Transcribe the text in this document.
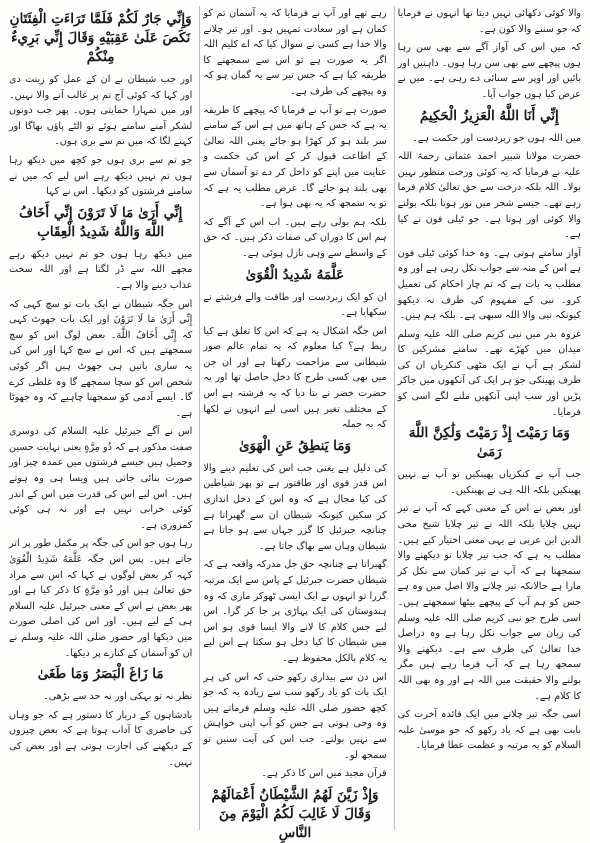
والا کوئی دکھائی نہیں دیتا تھا انہوں نے فرمایا کہ جو سننے والا کون ہے۔

کہ میں اس کی آواز آگے سے بھی سن رہا ہوں پیچھے سے بھی سن رہا ہوں۔ داہنیں اور بائیں اور اوپر سے سنائی دے رہی ہے۔ میں نے عرض کیا ہوں جواب آیا۔

إِنِّي أَنَا اللَّهُ الْعَزِيزُ الْحَكِيمُ

میں اللہ ہوں جو زبردست اور حکمت ہے۔

حضرت مولانا شبیر احمد عثمانی رحمۃ اللہ علیہ نے فرمایا کہ یہ کوئی ورخت منظور نہیں بولا۔ اللہ بلکہ درخت سے حق تعالیٰ کلام فرما رہے تھے۔ جیسے شجر میں نور ہوتا بلکہ بولنے والا کوئی اور ہوتا ہے۔ جو ٹیلی فون نے کیا ہے۔

آواز سامنے ہوتی ہے۔ وہ خدا کوئی ٹیلی فون ہے اس کے منہ سے جواب نکل رہی ہے اور وہ مطلب یہ بات ہے کہ تم چار احکام کی تعمیل کرو۔ نبی کے مفہوم کی طرف نہ دیکھو کیونکہ نبی والا اللہ سبھی ہے۔ بلکہ ہم ہیں۔

غزوہ بدر میں نبی کریم صلی اللہ علیہ وسلم میدان میں کھڑے تھے۔ سامنے مشرکین کا لشکر ہے آپ نے ایک مٹھی کنکریاں ان کی طرف پھینکی جو ہر ایک کی آنکھوں میں جاکر پڑیں اور سب اپنی آنکھیں ملنے لگے اسی کو فرمایا۔

وَمَا رَمَيْتَ إِذْ رَمَيْتَ وَلَٰكِنَّ اللَّهَ رَمَىٰ

جب آپ نے کنکریاں پھینکیں تو آپ نے نہیں پھینکیں بلکہ اللہ ہی نے پھینکیں۔

اور بعض نے اس کے معنی کہے کہ آپ نے تیر نہیں چلایا بلکہ اللہ نے تیر چلایا شیخ محی الدین ابن عربی نے یہی معنی اختیار کیے ہیں۔ مطلب یہ ہے کہ جب تیر چلایا تو دیکھنے والا سمجھتا ہے کہ آپ نے تیر کمان سے نکل کر مارا ہے حالانکہ تیر چلانے والا اصل میں وہ ہے جس کو ہم آپ کے پیچھے بیٹھا سمجھتے ہیں۔ اسی طرح جو نبی کریم صلی اللہ علیہ وسلم کی زبان سے جواب نکل رہا ہے وہ دراصل خدا تعالیٰ کی طرف سے ہے۔ دیکھنے والا سمجھ رہا ہے کہ آپ فرما رہے ہیں مگر بولنے والا حقیقت میں اللہ ہے اور وہ بھی اللہ کا کلام ہے۔

اسی جگہ تیر چلانے میں ایک فائدہ آخرت کی بابت بھی ہے کہ یاد رکھو کہ جو موسیٰ علیہ السلام کو یہ مرتبہ و عظمت عطا فرمایا۔

رہے تھے اور آپ نے فرمایا کہ یہ آسمان تم کو کمان ہے اور سعادت تمہیں ہو۔ اور تیر چلانے والا خدا ہے کسی نے سوال کیا کہ اے کلیم اللہ اگر یہ صورت ہے تو اس سے سمجھنے کا طریقہ کیا ہے کہ جس تیر سے یہ گمان ہو کہ وہ پیچھے کی طرف ہے۔

صورت ہے تو آپ نے فرمایا کہ پیچھے کا طریقہ یہ ہے کہ جس کے ہاتھ میں ہے اس کے سامنے سر بلند ہو کر کھڑا ہو جائے یعنی اللہ تعالیٰ کے اطاعت قبول کر کے اس کی حکمت و عنایت میں اپنے کو داخل کر دے تو آسمان سے بھی بلند ہو جائے گا۔ غرض مطلب یہ ہے کہ تو یہ سمجھ کہ یہ بھی ہوا ہے۔

بلکہ ہم بولی رہے ہیں۔ اب اس کے آگے کہ ہم اس کا دوران کی صفات ذکر ہیں۔ کہ حق کے واسطے سے وہی نازل ہوئی ہے۔

عَلَّمَهُ شَدِيدُ الْقُوَىٰ

ان کو ایک زبردست اور طاقت والے فرشتے نے سکھایا ہے۔

اس جگہ اشکال یہ ہے کہ اس کا تعلق ہے کیا ربط ہے؟ کیا معلوم کہ یہ تمام عالم صور شیطانی سے مزاحمت رکھتا ہے اور ان جن میں بھی کسی طرح کا دخل حاصل تھا اور یہ حضرت خضر نے بتا دیا کہ یہ فرشتہ ہے اس کے مختلف تغیر ہیں اسی لیے انہوں نے لکھا کہ یہ جملہ

وَمَا يَنطِقُ عَنِ الْهَوَىٰ

کی دلیل ہے یعنی جب اس کی تعلیم دینے والا اس قدر قوی اور طاقتور ہے تو پھر شیاطین کی کیا مجال ہے کہ وہ اس کے دخل اندازی کر سکیں کیونکہ شیطان ان سے گھبراتا ہے چنانچہ جبرئیل کا گزر جہاں سے ہو جاتا ہے شیطان وہاں سے بھاگ جاتا ہے۔

گھبراتا ہے چنانچہ حق جل مدرکہ واقعہ ہے کہ شیطان حضرت جبرئیل کے پاس سے ایک مرتبہ گزرا تو انہوں نے ایک ایسی ٹھوکر ماری کہ وہ ہندوستان کی ایک پہاڑی پر جا کر گرا۔ اس لیے جس کلام کا لانے والا ایسا قوی ہو اس میں شیطان کا کیا دخل ہو سکتا ہے اس لیے یہ کلام بالکل محفوظ ہے۔

اس دن سے بیداری رکھو حتی کہ اس کی ہر ایک بات کو یاد رکھو سب سے زیادہ یہ کہ جو کچھ حضور صلی اللہ علیہ وسلم فرماتے ہیں وہ وحی ہوتی ہے جس کو آپ اپنی خواہش سے نہیں بولتے۔ جب اس کی آیت سنیں تو سمجھ لو۔

قرآن مجید میں اس کا ذکر ہے۔

وَإِذْ زَيَّنَ لَهُمُ الشَّيْطَانُ أَعْمَالَهُمْ وَقَالَ لَا غَالِبَ لَكُمُ الْيَوْمَ مِنَ النَّاسِ

وَإِنِّي جَارٌ لَكُمْ فَلَمَّا تَرَاءَتِ الْفِئَتَانِ نَكَصَ عَلَىٰ عَقِبَيْهِ وَقَالَ إِنِّي بَرِيءٌ مِنْكُمْ

اور جب شیطان نے ان کے عمل کو زینت دی اور کہا کہ کوئی آج تم پر غالب آنے والا نہیں۔ اور میں تمہارا حمایتی ہوں۔ پھر جب دونوں لشکر آمنے سامنے ہوئے تو الٹے پاؤں بھاگا اور کہنے لگا کہ میں تم سے بری ہوں۔

جو تم سے بری ہوں جو کچھ میں دیکھ رہا ہوں تم نہیں دیکھ رہے اس لیے کہ میں نے سامنے فرشتوں کو دیکھا۔ اس نے کہا

إِنِّي أَرَىٰ مَا لَا تَرَوْنَ إِنِّي أَخَافُ اللَّهَ وَاللَّهُ شَدِيدُ الْعِقَابِ

میں دیکھ رہا ہوں جو تم نہیں دیکھ رہے مجھے اللہ سے ڈر لگتا ہے اور اللہ سخت عذاب دینے والا ہے۔

اس جگہ شیطان نے ایک بات تو سچ کہی کہ إِنِّي أَرَىٰ مَا لَا تَرَوْنَ اور ایک بات جھوٹ کہی کہ إِنِّي أَخَافُ اللَّهَ۔ بعض لوگ اس کو سچ سمجھتے ہیں کہ اس نے سچ کہا اور اس کی یہ ساری باتیں ہی جھوٹ ہیں اگر کوئی شخص اس کو سچا سمجھے گا وہ غلطی کرے گا۔ ایسے آدمی کو سمجھنا چاہیے کہ وہ جھوٹا ہے۔

اس نے آگے جبرئیل علیہ السلام کی دوسری صفت مذکور ہے کہ ذُو مِرَّةٍ یعنی نہایت حسین وجمیل ہیں جیسے فرشتوں میں عمدہ چیز اور صورت بنائی جاتی ہیں ویسا ہی وہ ہوتے ہیں۔ اس لیے اس کی قدرت میں اس کے اندر کوئی خرابی نہیں ہے اور نہ ہی کوئی کمزوری ہے۔

رہا ہوں جو اس کی جگہ پر مکمل طور پر اتر جاتے ہیں۔ پس اس جگہ عَلَّمَهُ شَدِيدُ الْقُوَىٰ کہہ کر بعض لوگوں نے کہا کہ اس سے مراد حق تعالیٰ ہیں اور ذُو مِرَّةٍ کا ذکر کیا ہے اور پھر بعض نے اس کے معنی جبرئیل علیہ السلام ہی کے لیے ہیں۔ اور اس کی اصلی صورت میں دیکھا اور حضور صلی اللہ علیہ وسلم نے ان کو آسمان کے کنارے پر دیکھا۔

مَا زَاغَ الْبَصَرُ وَمَا طَغَىٰ

نظر نہ تو بہکی اور نہ حد سے بڑھی۔

بادشاہوں کے دربار کا دستور ہے کہ جو وہاں کی حاضری کا آداب ہوتا ہے کہ بعض چیزوں کے دیکھنے کی اجازت ہوتی ہے اور بعض کی نہیں۔
